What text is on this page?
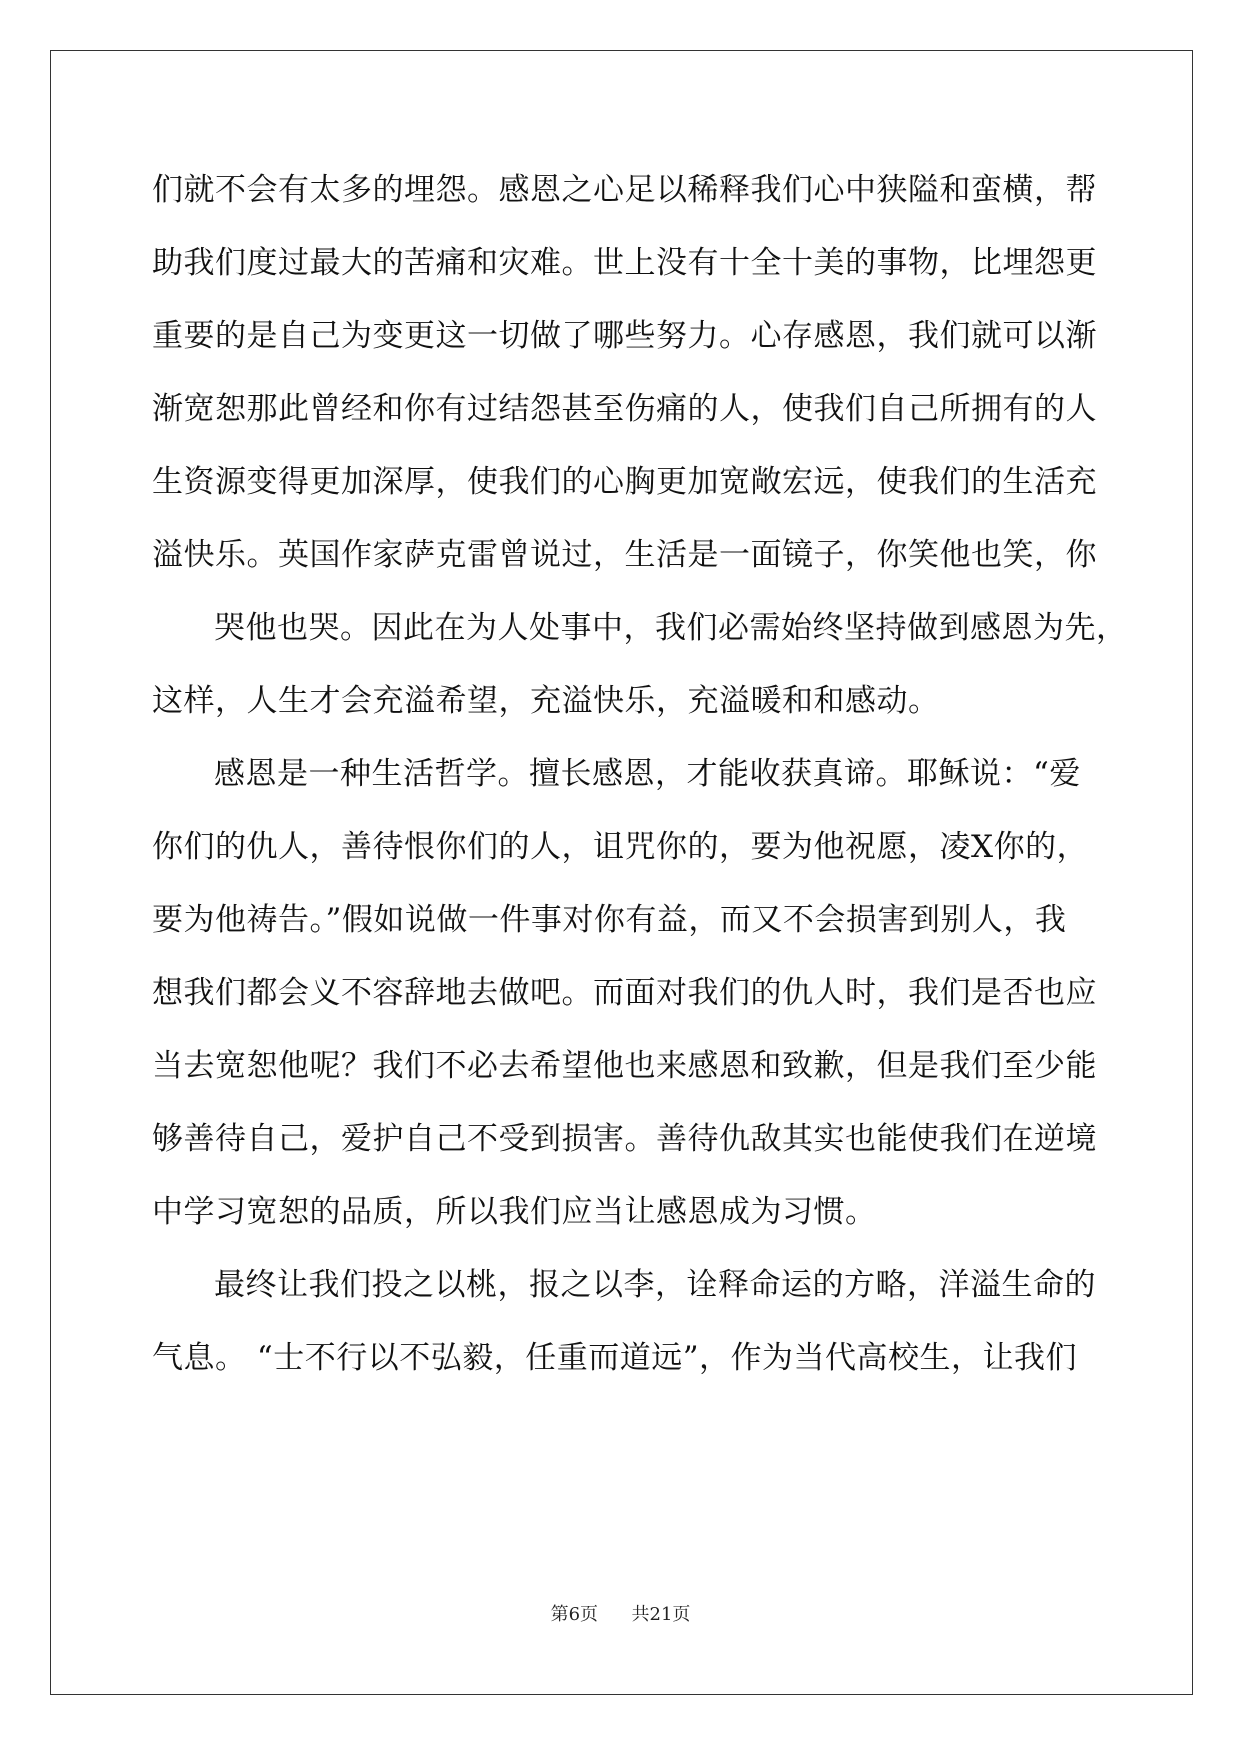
们就不会有太多的埋怨。感恩之心足以稀释我们心中狭隘和蛮横，帮
助我们度过最大的苦痛和灾难。世上没有十全十美的事物，比埋怨更
重要的是自己为变更这一切做了哪些努力。心存感恩，我们就可以渐
渐宽恕那此曾经和你有过结怨甚至伤痛的人，使我们自己所拥有的人
生资源变得更加深厚，使我们的心胸更加宽敞宏远，使我们的生活充
溢快乐。英国作家萨克雷曾说过，生活是一面镜子，你笑他也笑，你
哭他也哭。因此在为人处事中，我们必需始终坚持做到感恩为先，
这样，人生才会充溢希望，充溢快乐，充溢暖和和感动。
感恩是一种生活哲学。擅长感恩，才能收获真谛。耶稣说：“爱
你们的仇人，善待恨你们的人，诅咒你的，要为他祝愿，凌X你的，
要为他祷告。”假如说做一件事对你有益，而又不会损害到别人，我
想我们都会义不容辞地去做吧。而面对我们的仇人时，我们是否也应
当去宽恕他呢？我们不必去希望他也来感恩和致歉，但是我们至少能
够善待自己，爱护自己不受到损害。善待仇敌其实也能使我们在逆境
中学习宽恕的品质，所以我们应当让感恩成为习惯。
最终让我们投之以桃，报之以李，诠释命运的方略，洋溢生命的
气息。 “士不行以不弘毅，任重而道远”，作为当代高校生，让我们
第6页 共21页
